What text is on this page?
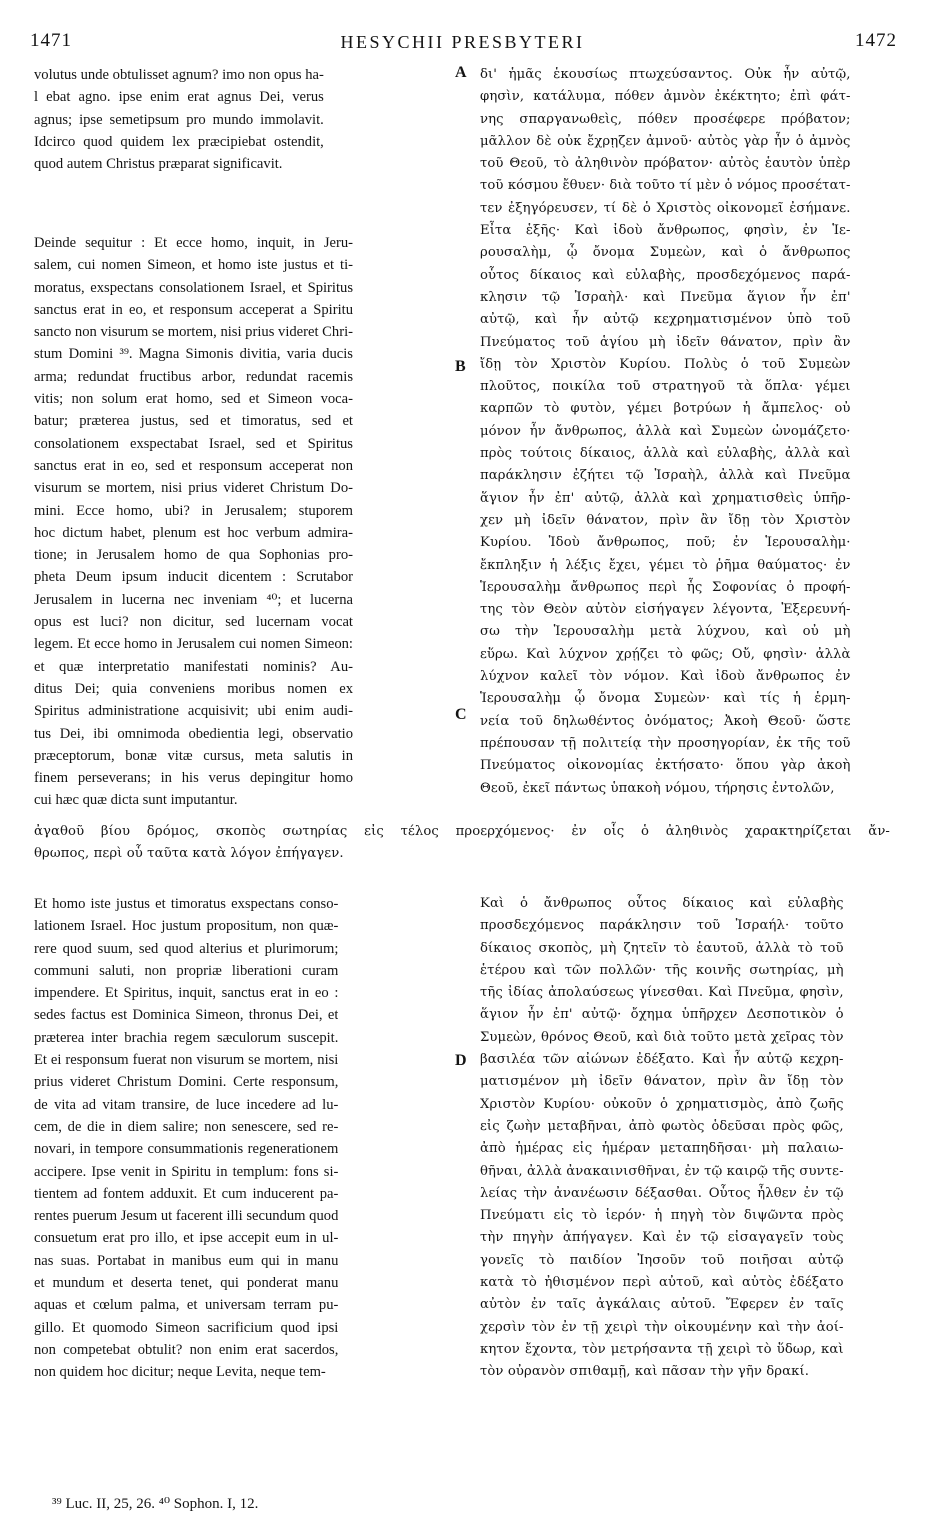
1471	HESYCHII PRESBYTERI	1472
volutus unde obtulisset agnum? imo non opus ha-
l ebat agno. ipse enim erat agnus Dei, verus
agnus; ipse semetipsum pro mundo immolavit.
Idcirco quod quidem lex præcipiebat ostendit,
quod autem Christus præparat significavit.
Deinde sequitur : Et ecce homo, inquit, in Jeru-
salem, cui nomen Simeon, et homo iste justus et ti-
moratus, exspectans consolationem Israel, et Spiritus
sanctus erat in eo, et responsum acceperat a Spiritu
sancto non visurum se mortem, nisi prius videret Chri-
stum Domini ³⁹. Magna Simonis divitia, varia ducis
arma; redundat fructibus arbor, redundat racemis
vitis; non solum erat homo, sed et Simeon voca-
batur; præterea justus, sed et timoratus, sed et
consolationem exspectabat Israel, sed et Spiritus
sanctus erat in eo, sed et responsum acceperat non
visurum se mortem, nisi prius videret Christum Do-
mini. Ecce homo, ubi? in Jerusalem; stuporem
hoc dictum habet, plenum est hoc verbum admira-
tione; in Jerusalem homo de qua Sophonias pro-
pheta Deum ipsum inducit dicentem : Scrutabor
Jerusalem in lucerna nec inveniam ⁴⁰; et lucerna
opus est luci? non dicitur, sed lucernam vocat
legem. Et ecce homo in Jerusalem cui nomen Simeon:
et quæ interpretatio manifestati nominis? Au-
ditus Dei; quia conveniens moribus nomen ex
Spiritus administratione acquisivit; ubi enim audi-
tus Dei, ibi omnimoda obedientia legi, observatio
præceptorum, bonæ vitæ cursus, meta salutis in
finem perseverans; in his verus depingitur homo
cui hæc quæ dicta sunt imputantur.
Et homo iste justus et timoratus exspectans conso-
lationem Israel. Hoc justum propositum, non quæ-
rere quod suum, sed quod alterius et plurimorum;
communi saluti, non propriæ liberationi curam
impendere. Et Spiritus, inquit, sanctus erat in eo :
sedes factus est Dominica Simeon, thronus Dei, et
præterea inter brachia regem sæculorum suscepit.
Et ei responsum fuerat non visurum se mortem, nisi
prius videret Christum Domini. Certe responsum,
de vita ad vitam transire, de luce incedere ad lu-
cem, de die in diem salire; non senescere, sed re-
novari, in tempore consummationis regenerationem
accipere. Ipse venit in Spiritu in templum: fons si-
tientem ad fontem adduxit. Et cum inducerent pa-
rentes puerum Jesum ut facerent illi secundum quod
consuetum erat pro illo, et ipse accepit eum in ul-
nas suas. Portabat in manibus eum qui in manu
et mundum et deserta tenet, qui ponderat manu
aquas et cœlum palma, et universam terram pu-
gillo. Et quomodo Simeon sacrificium quod ipsi
non competebat obtulit? non enim erat sacerdos,
non quidem hoc dicitur; neque Levita, neque tem-
δι' ἡμᾶς ἑκουσίως πτωχεύσαντος. Οὐκ ἦν αὐτῷ,
φησὶν, κατάλυμα, πόθεν ἀμνὸν ἐκέκτητο; ἐπὶ φάτ-
νης σπαργανωθεὶς, πόθεν προσέφερε πρόβατον;
μᾶλλον δὲ οὐκ ἔχρῃζεν ἀμνοῦ· αὐτὸς γὰρ ἦν ὁ ἀμνὸς
τοῦ Θεοῦ, τὸ ἀληθινὸν πρόβατον· αὐτὸς ἑαυτὸν ὑπὲρ
τοῦ κόσμου ἔθυεν· διὰ τοῦτο τί μὲν ὁ νόμος προσέτατ-
τεν ἐξηγόρευσεν, τί δὲ ὁ Χριστὸς οἰκονομεῖ ἐσήμανε.
Εἶτα ἑξῆς· Καὶ ἰδοὺ ἄνθρωπος, φησὶν, ἐν Ἱε-
ρουσαλὴμ, ᾧ ὄνομα Συμεὼν, καὶ ὁ ἄνθρωπος
οὗτος δίκαιος καὶ εὐλαβὴς, προσδεχόμενος παρά-
κλησιν τῷ Ἰσραὴλ· καὶ Πνεῦμα ἅγιον ἦν ἐπ'
αὐτῷ, καὶ ἦν αὐτῷ κεχρηματισμένον ὑπὸ τοῦ
Πνεύματος τοῦ ἁγίου μὴ ἰδεῖν θάνατον, πρὶν ἂν
ἴδῃ τὸν Χριστὸν Κυρίου. Πολὺς ὁ τοῦ Συμεὼν
πλοῦτος, ποικίλα τοῦ στρατηγοῦ τὰ ὅπλα· γέμει
καρπῶν τὸ φυτὸν, γέμει βοτρύων ἡ ἄμπελος· οὐ
μόνον ἦν ἄνθρωπος, ἀλλὰ καὶ Συμεὼν ὠνομάζετο·
πρὸς τούτοις δίκαιος, ἀλλὰ καὶ εὐλαβὴς, ἀλλὰ καὶ
παράκλησιν ἐζήτει τῷ Ἰσραὴλ, ἀλλὰ καὶ Πνεῦμα
ἅγιον ἦν ἐπ' αὐτῷ, ἀλλὰ καὶ χρηματισθεὶς ὑπῆρ-
χεν μὴ ἰδεῖν θάνατον, πρὶν ἂν ἴδῃ τὸν Χριστὸν
Κυρίου. Ἰδοὺ ἄνθρωπος, ποῦ; ἐν Ἱερουσαλὴμ·
ἔκπληξιν ἡ λέξις ἔχει, γέμει τὸ ῥῆμα θαύματος· ἐν
Ἱερουσαλὴμ ἄνθρωπος περὶ ἧς Σοφονίας ὁ προφή-
της τὸν Θεὸν αὐτὸν εἰσήγαγεν λέγοντα, Ἐξερευνή-
σω τὴν Ἱερουσαλὴμ μετὰ λύχνου, καὶ οὐ μὴ
εὕρω. Καὶ λύχνον χρῄζει τὸ φῶς; Οὔ, φησὶν· ἀλλὰ
λύχνον καλεῖ τὸν νόμον. Καὶ ἰδοὺ ἄνθρωπος ἐν
Ἱερουσαλὴμ ᾧ ὄνομα Συμεὼν· καὶ τίς ἡ ἑρμη-
νεία τοῦ δηλωθέντος ὀνόματος; Ἀκοὴ Θεοῦ· ὥστε
πρέπουσαν τῇ πολιτείᾳ τὴν προσηγορίαν, ἐκ τῆς τοῦ
Πνεύματος οἰκονομίας ἐκτήσατο· ὅπου γὰρ ἀκοὴ
Θεοῦ, ἐκεῖ πάντως ὑπακοὴ νόμου, τήρησις ἐντολῶν,
Καὶ ὁ ἄνθρωπος οὗτος δίκαιος καὶ εὐλαβὴς
προσδεχόμενος παράκλησιν τοῦ Ἰσραήλ· τοῦτο
δίκαιος σκοπὸς, μὴ ζητεῖν τὸ ἑαυτοῦ, ἀλλὰ τὸ τοῦ
ἑτέρου καὶ τῶν πολλῶν· τῆς κοινῆς σωτηρίας, μὴ
τῆς ἰδίας ἀπολαύσεως γίνεσθαι. Καὶ Πνεῦμα, φησὶν,
ἅγιον ἦν ἐπ' αὐτῷ· ὄχημα ὑπῆρχεν Δεσποτικὸν ὁ
Συμεὼν, θρόνος Θεοῦ, καὶ διὰ τοῦτο μετὰ χεῖρας τὸν
βασιλέα τῶν αἰώνων ἐδέξατο. Καὶ ἦν αὐτῷ κεχρη-
ματισμένον μὴ ἰδεῖν θάνατον, πρὶν ἂν ἴδῃ τὸν
Χριστὸν Κυρίου· οὐκοῦν ὁ χρηματισμὸς, ἀπὸ ζωῆς
εἰς ζωὴν μεταβῆναι, ἀπὸ φωτὸς ὁδεῦσαι πρὸς φῶς,
ἀπὸ ἡμέρας εἰς ἡμέραν μεταπηδῆσαι· μὴ παλαιω-
θῆναι, ἀλλὰ ἀνακαινισθῆναι, ἐν τῷ καιρῷ τῆς συντε-
λείας τὴν ἀνανέωσιν δέξασθαι. Οὗτος ἦλθεν ἐν τῷ
Πνεύματι εἰς τὸ ἱερόν· ἡ πηγὴ τὸν διψῶντα πρὸς
τὴν πηγὴν ἀπήγαγεν. Καὶ ἐν τῷ εἰσαγαγεῖν τοὺς
γονεῖς τὸ παιδίον Ἰησοῦν τοῦ ποιῆσαι αὐτῷ
κατὰ τὸ ἠθισμένον περὶ αὐτοῦ, καὶ αὐτὸς ἐδέξατο
αὐτὸν ἐν ταῖς ἀγκάλαις αὐτοῦ. Ἔφερεν ἐν ταῖς
χερσὶν τὸν ἐν τῇ χειρὶ τὴν οἰκουμένην καὶ τὴν ἀοί-
κητον ἔχοντα, τὸν μετρήσαντα τῇ χειρὶ τὸ ὕδωρ, καὶ
τὸν οὐρανὸν σπιθαμῇ, καὶ πᾶσαν τὴν γῆν δρακί.
A
B
C
D
ἀγαθοῦ βίου δρόμος, σκοπὸς σωτηρίας εἰς τέλος προερχόμενος· ἐν οἷς ὁ ἀληθινὸς χαρακτηρίζεται ἄν-
θρωπος, περὶ οὗ ταῦτα κατὰ λόγον ἐπήγαγεν.
³⁹ Luc. II, 25, 26. ⁴⁰ Sophon. I, 12.
